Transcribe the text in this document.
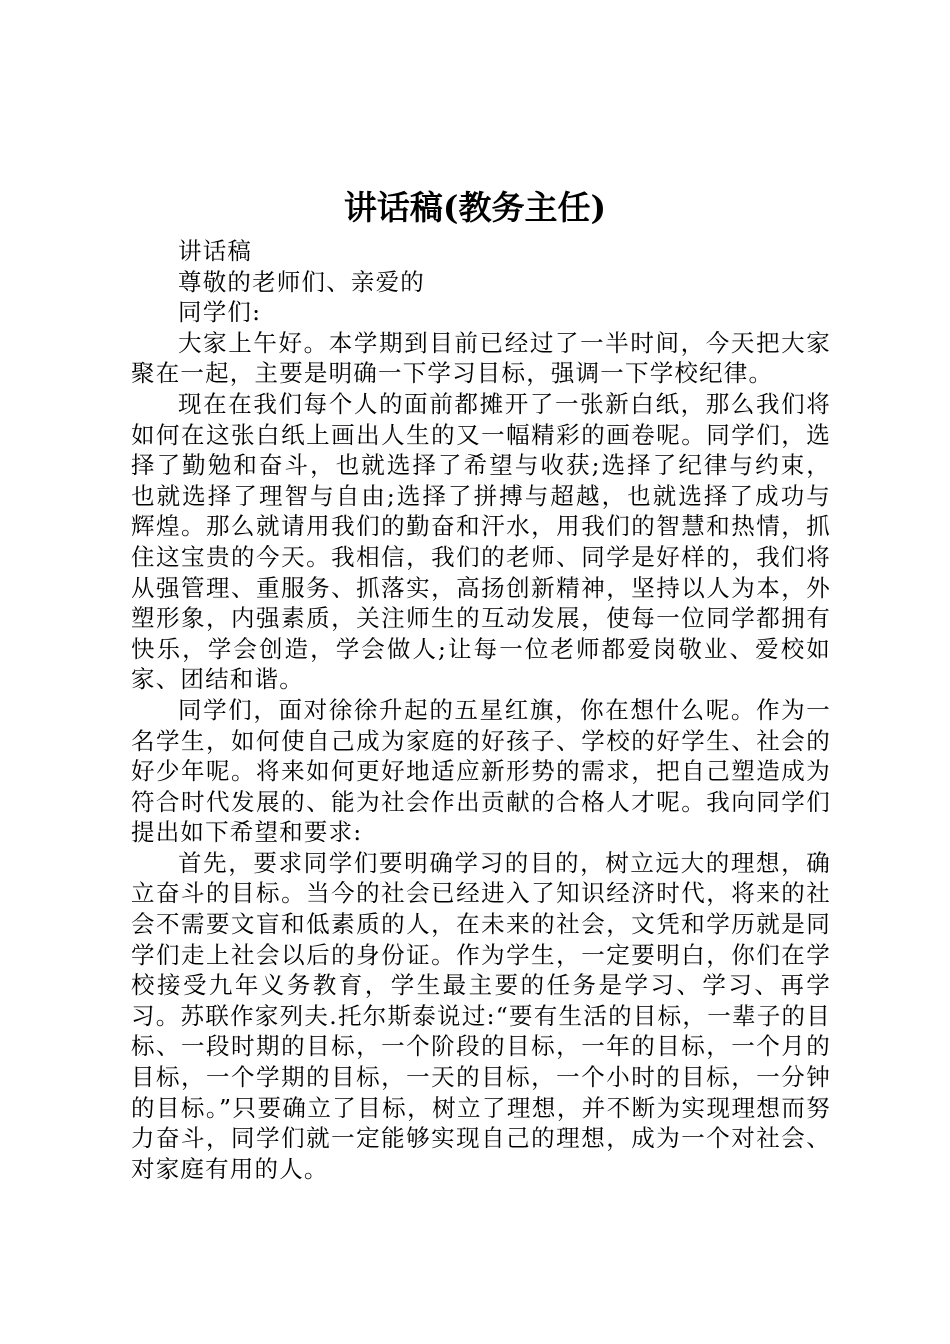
讲话稿(教务主任)

讲话稿

尊敬的老师们、亲爱的

同学们:

大家上午好。本学期到目前已经过了一半时间，今天把大家聚在一起，主要是明确一下学习目标，强调一下学校纪律。

现在在我们每个人的面前都摊开了一张新白纸，那么我们将如何在这张白纸上画出人生的又一幅精彩的画卷呢。同学们，选择了勤勉和奋斗，也就选择了希望与收获;选择了纪律与约束，也就选择了理智与自由;选择了拼搏与超越，也就选择了成功与辉煌。那么就请用我们的勤奋和汗水，用我们的智慧和热情，抓住这宝贵的今天。我相信，我们的老师、同学是好样的，我们将从强管理、重服务、抓落实，高扬创新精神，坚持以人为本，外塑形象，内强素质，关注师生的互动发展，使每一位同学都拥有快乐，学会创造，学会做人;让每一位老师都爱岗敬业、爱校如家、团结和谐。

同学们，面对徐徐升起的五星红旗，你在想什么呢。作为一名学生，如何使自己成为家庭的好孩子、学校的好学生、社会的好少年呢。将来如何更好地适应新形势的需求，把自己塑造成为符合时代发展的、能为社会作出贡献的合格人才呢。我向同学们提出如下希望和要求:

首先，要求同学们要明确学习的目的，树立远大的理想，确立奋斗的目标。当今的社会已经进入了知识经济时代，将来的社会不需要文盲和低素质的人，在未来的社会，文凭和学历就是同学们走上社会以后的身份证。作为学生，一定要明白，你们在学校接受九年义务教育，学生最主要的任务是学习、学习、再学习。苏联作家列夫.托尔斯泰说过:“要有生活的目标，一辈子的目标、一段时期的目标，一个阶段的目标，一年的目标，一个月的目标，一个学期的目标，一天的目标，一个小时的目标，一分钟的目标。”只要确立了目标，树立了理想，并不断为实现理想而努力奋斗，同学们就一定能够实现自己的理想，成为一个对社会、对家庭有用的人。
